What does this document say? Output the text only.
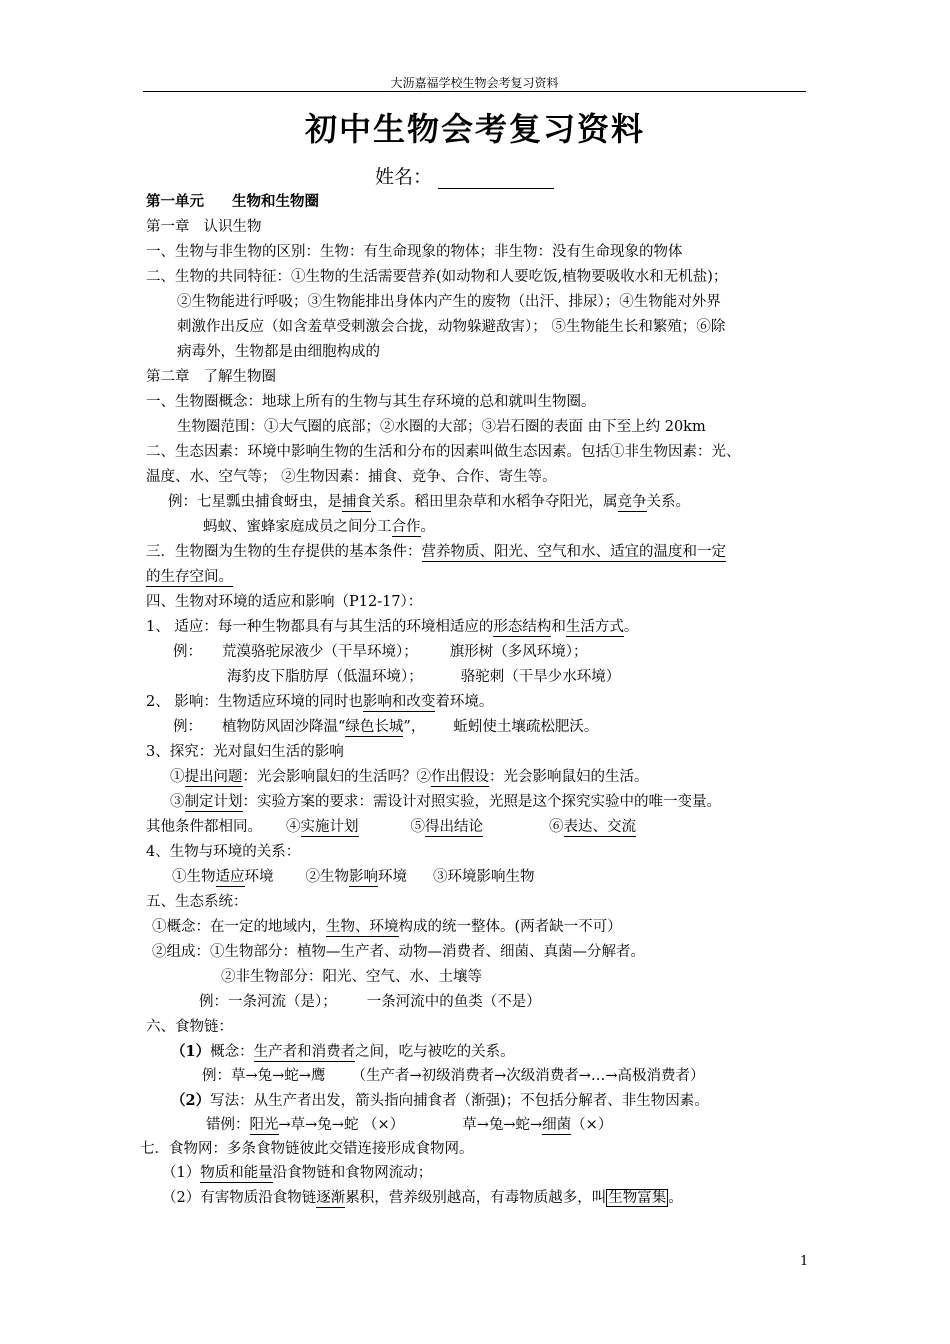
大沥嘉福学校生物会考复习资料
初中生物会考复习资料
姓名：
第一单元 生物和生物圈
第一章 认识生物
一、生物与非生物的区别：生物：有生命现象的物体；非生物：没有生命现象的物体
二、生物的共同特征：①生物的生活需要营养(如动物和人要吃饭,植物要吸收水和无机盐)；
②生物能进行呼吸；③生物能排出身体内产生的废物（出汗、排尿）；④生物能对外界
刺激作出反应（如含羞草受刺激会合拢，动物躲避敌害）； ⑤生物能生长和繁殖；⑥除
病毒外，生物都是由细胞构成的
第二章 了解生物圈
一、生物圈概念：地球上所有的生物与其生存环境的总和就叫生物圈。
生物圈范围：①大气圈的底部；②水圈的大部；③岩石圈的表面 由下至上约 20km
二、生态因素：环境中影响生物的生活和分布的因素叫做生态因素。包括①非生物因素：光、
温度、水、空气等； ②生物因素：捕食、竞争、合作、寄生等。
例：七星瓢虫捕食蚜虫，是捕食关系。稻田里杂草和水稻争夺阳光，属竞争关系。
蚂蚁、蜜蜂家庭成员之间分工合作。
三．生物圈为生物的生存提供的基本条件：营养物质、阳光、空气和水、适宜的温度和一定
的生存空间。
四、生物对环境的适应和影响（P12-17）：
1、 适应：每一种生物都具有与其生活的环境相适应的形态结构和生活方式。
例： 荒漠骆驼尿液少（干旱环境）； 旗形树（多风环境）；
海豹皮下脂肪厚（低温环境）；	骆驼刺（干旱少水环境）
2、 影响：生物适应环境的同时也影响和改变着环境。
例： 植物防风固沙降温“绿色长城”， 蚯蚓使土壤疏松肥沃。
3、探究：光对鼠妇生活的影响
①提出问题：光会影响鼠妇的生活吗？②作出假设：光会影响鼠妇的生活。
③制定计划：实验方案的要求：需设计对照实验，光照是这个探究实验中的唯一变量。
其他条件都相同。 ④实施计划	⑤得出结论	⑥表达、交流
4、生物与环境的关系：
①生物适应环境 ②生物影响环境 ③环境影响生物
五、生态系统：
①概念：在一定的地域内，生物、环境构成的统一整体。(两者缺一不可）
②组成：①生物部分：植物—生产者、动物—消费者、细菌、真菌—分解者。
②非生物部分：阳光、空气、水、土壤等
例：一条河流（是）； 一条河流中的鱼类（不是）
六、食物链：
（1）概念：生产者和消费者之间，吃与被吃的关系。
例：草→兔→蛇→鹰 （生产者→初级消费者→次级消费者→…→高极消费者）
（2）写法：从生产者出发，箭头指向捕食者（渐强)；不包括分解者、非生物因素。
错例：阳光→草→兔→蛇 （×）	草→兔→蛇→细菌（×）
七．食物网：多条食物链彼此交错连接形成食物网。
（1）物质和能量沿食物链和食物网流动；
（2）有害物质沿食物链逐渐累积，营养级别越高，有毒物质越多，叫 生物富集 。
1
